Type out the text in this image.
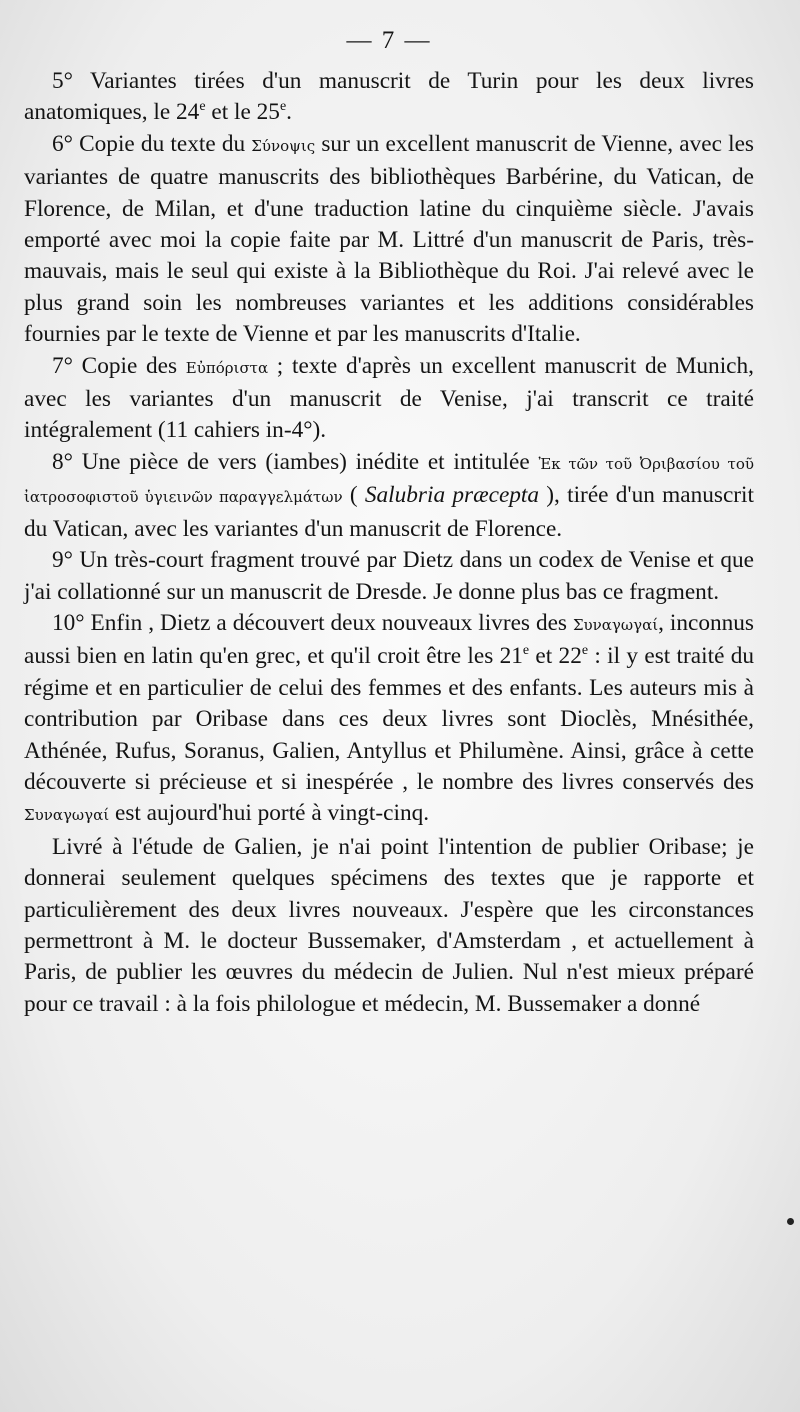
— 7 —

5° Variantes tirées d'un manuscrit de Turin pour les deux livres anatomiques, le 24e et le 25e.

6° Copie du texte du Σύνοψις sur un excellent manuscrit de Vienne, avec les variantes de quatre manuscrits des bibliothèques Barbérine, du Vatican, de Florence, de Milan, et d'une traduction latine du cinquième siècle. J'avais emporté avec moi la copie faite par M. Littré d'un manuscrit de Paris, très-mauvais, mais le seul qui existe à la Bibliothèque du Roi. J'ai relevé avec le plus grand soin les nombreuses variantes et les additions considérables fournies par le texte de Vienne et par les manuscrits d'Italie.

7° Copie des Εὐπόριστα ; texte d'après un excellent manuscrit de Munich, avec les variantes d'un manuscrit de Venise, j'ai transcrit ce traité intégralement (11 cahiers in-4°).

8° Une pièce de vers (iambes) inédite et intitulée Ἐκ τῶν τοῦ Ὀριβασίου τοῦ ἰατροσοφιστοῦ ὑγιεινῶν παραγγελμάτων ( Salubria præcepta ), tirée d'un manuscrit du Vatican, avec les variantes d'un manuscrit de Florence.

9° Un très-court fragment trouvé par Dietz dans un codex de Venise et que j'ai collationné sur un manuscrit de Dresde. Je donne plus bas ce fragment.

10° Enfin , Dietz a découvert deux nouveaux livres des Συναγωγαί, inconnus aussi bien en latin qu'en grec, et qu'il croit être les 21e et 22e : il y est traité du régime et en particulier de celui des femmes et des enfants. Les auteurs mis à contribution par Oribase dans ces deux livres sont Dioclès, Mnésithée, Athénée, Rufus, Soranus, Galien, Antyllus et Philumène. Ainsi, grâce à cette découverte si précieuse et si inespérée , le nombre des livres conservés des Συναγωγαί est aujourd'hui porté à vingt-cinq.

Livré à l'étude de Galien, je n'ai point l'intention de publier Oribase; je donnerai seulement quelques spécimens des textes que je rapporte et particulièrement des deux livres nouveaux. J'espère que les circonstances permettront à M. le docteur Bussemaker, d'Amsterdam , et actuellement à Paris, de publier les œuvres du médecin de Julien. Nul n'est mieux préparé pour ce travail : à la fois philologue et médecin, M. Bussemaker a donné
